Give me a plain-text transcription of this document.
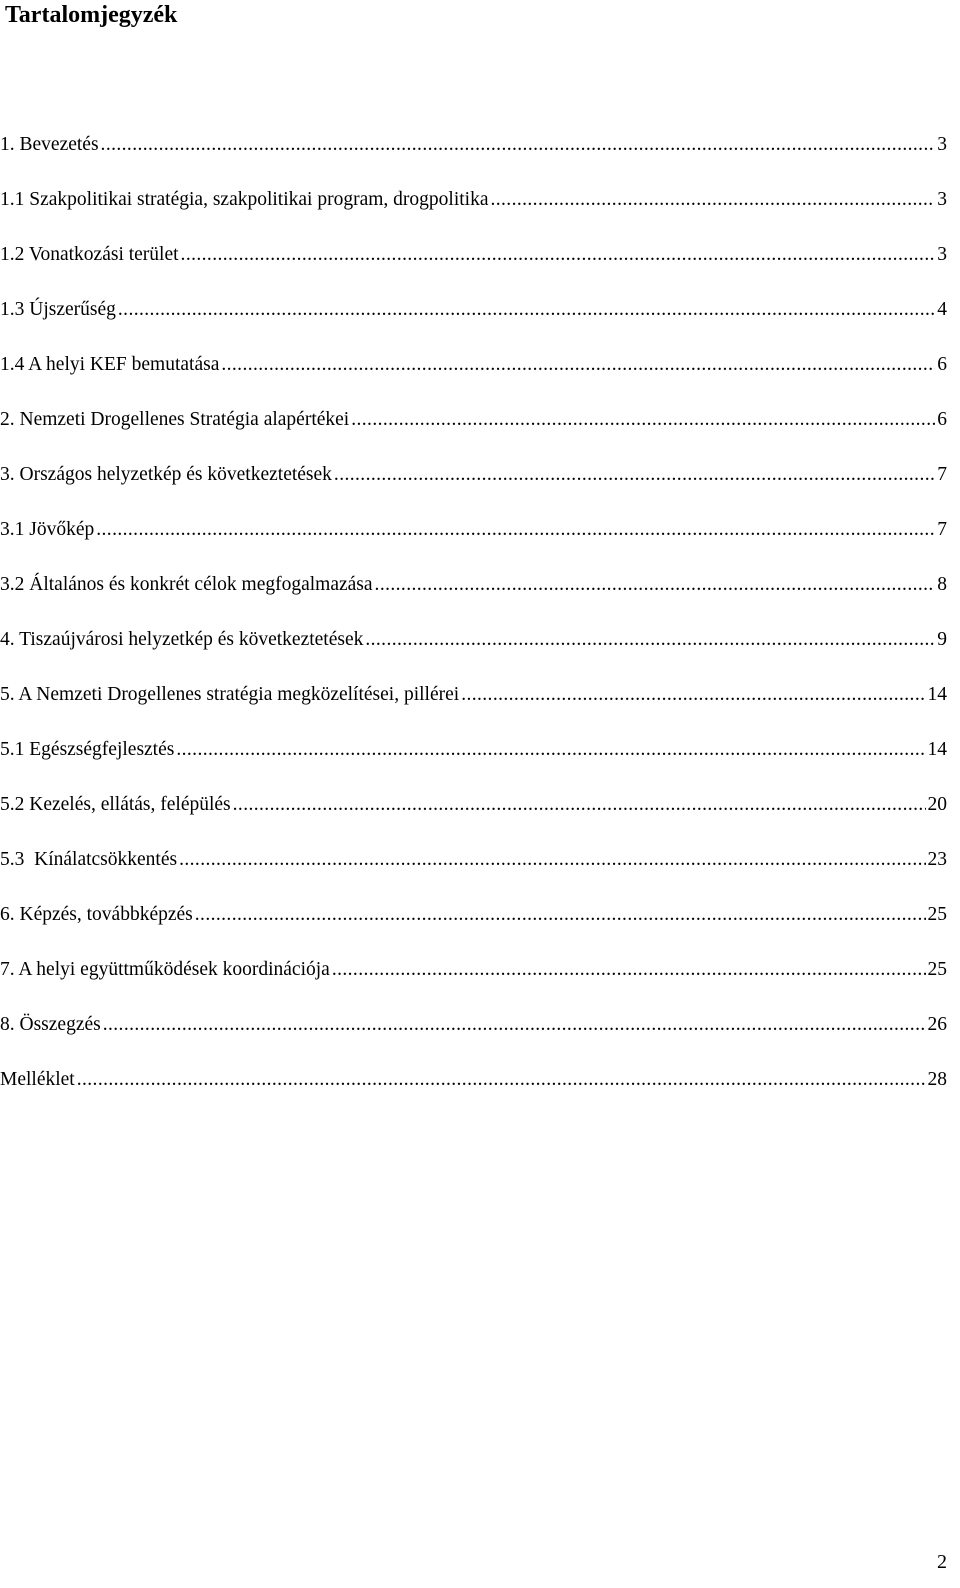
Tartalomjegyzék
1. Bevezetés .....	3
1.1 Szakpolitikai stratégia, szakpolitikai program, drogpolitika .....	3
1.2 Vonatkozási terület .....	3
1.3 Újszerűség .....	4
1.4 A helyi KEF bemutatása .....	6
2. Nemzeti Drogellenes Stratégia alapértékei .....	6
3. Országos helyzetkép és következtetések .....	7
3.1 Jövőkép .....	7
3.2 Általános és konkrét célok megfogalmazása .....	8
4. Tiszaújvárosi helyzetkép és következtetések .....	9
5. A Nemzeti Drogellenes stratégia megközelítései, pillérei .....	14
5.1 Egészségfejlesztés .....	14
5.2 Kezelés, ellátás, felépülés .....	20
5.3  Kínálatcsökkentés .....	23
6. Képzés, továbbképzés .....	25
7. A helyi együttműködések koordinációja .....	25
8. Összegzés .....	26
Melléklet .....	28
2
